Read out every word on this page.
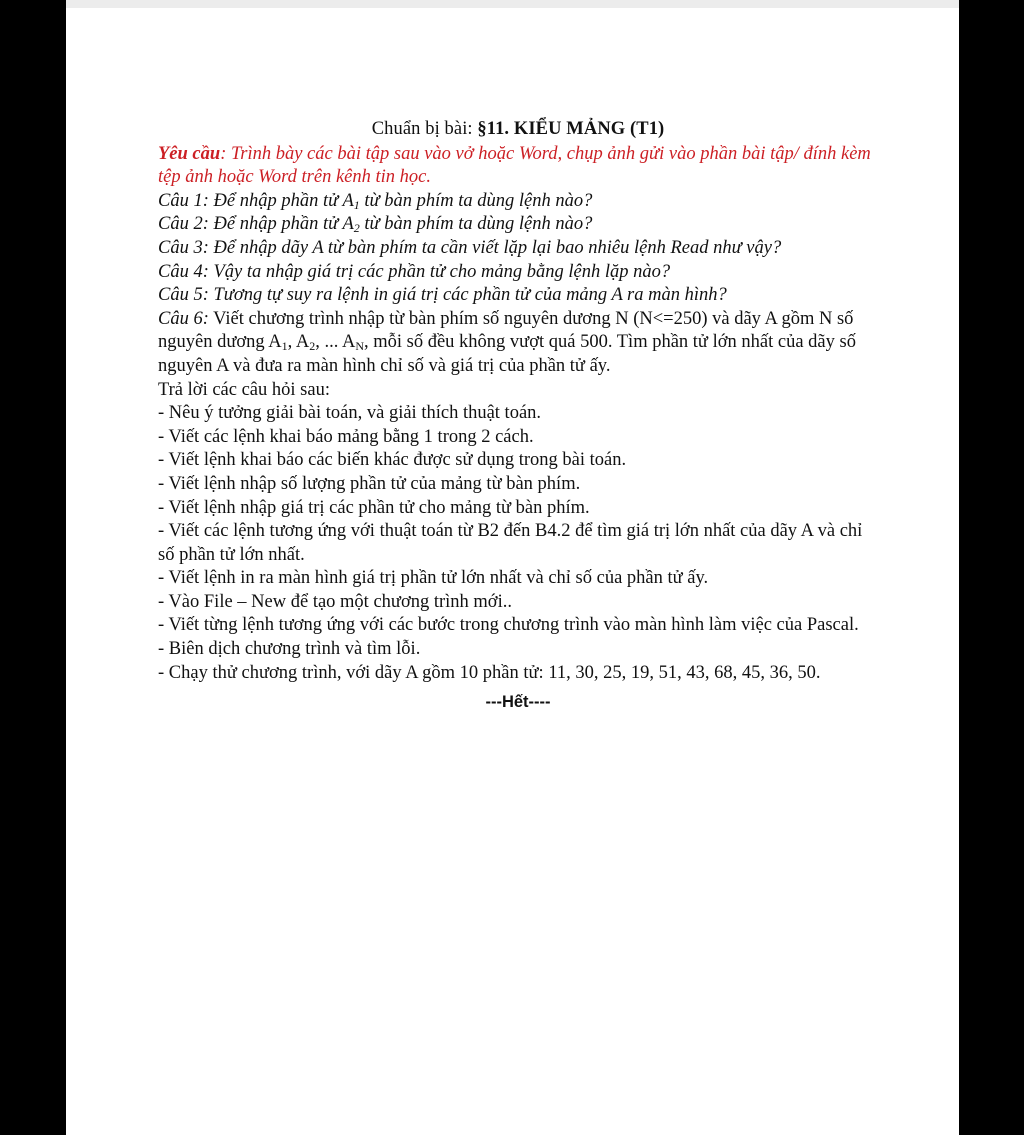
Chuẩn bị bài: §11. KIỂU MẢNG (T1)
Yêu cầu: Trình bày các bài tập sau vào vở hoặc Word, chụp ảnh gửi vào phần bài tập/ đính kèm tệp ảnh hoặc Word trên kênh tin học.
Câu 1: Để nhập phần tử $A_1$ từ bàn phím ta dùng lệnh nào?
Câu 2: Để nhập phần tử $A_2$ từ bàn phím ta dùng lệnh nào?
Câu 3: Để nhập dãy A từ bàn phím ta cần viết lặp lại bao nhiêu lệnh Read như vậy?
Câu 4: Vậy ta nhập giá trị các phần tử cho mảng bằng lệnh lặp nào?
Câu 5: Tương tự suy ra lệnh in giá trị các phần tử của mảng A ra màn hình?
Câu 6: Viết chương trình nhập từ bàn phím số nguyên dương N (N<=250) và dãy A gồm N số nguyên dương $A_1$, $A_2$, ... $A_N$, mỗi số đều không vượt quá 500. Tìm phần tử lớn nhất của dãy số nguyên A và đưa ra màn hình chỉ số và giá trị của phần tử ấy.
Trả lời các câu hỏi sau:
- Nêu ý tưởng giải bài toán, và giải thích thuật toán.
- Viết các lệnh khai báo mảng bằng 1 trong 2 cách.
- Viết lệnh khai báo các biến khác được sử dụng trong bài toán.
- Viết lệnh nhập số lượng phần tử của mảng từ bàn phím.
- Viết lệnh nhập giá trị các phần tử cho mảng từ bàn phím.
- Viết các lệnh tương ứng với thuật toán từ B2 đến B4.2 để tìm giá trị lớn nhất của dãy A và chỉ số phần tử lớn nhất.
- Viết lệnh in ra màn hình giá trị phần tử lớn nhất và chỉ số của phần tử ấy.
- Vào File – New để tạo một chương trình mới..
- Viết từng lệnh tương ứng với các bước trong chương trình vào màn hình làm việc của Pascal.
- Biên dịch chương trình và tìm lỗi.
- Chạy thử chương trình, với dãy A gồm 10 phần tử: 11, 30, 25, 19, 51, 43, 68, 45, 36, 50.
---Hết----
